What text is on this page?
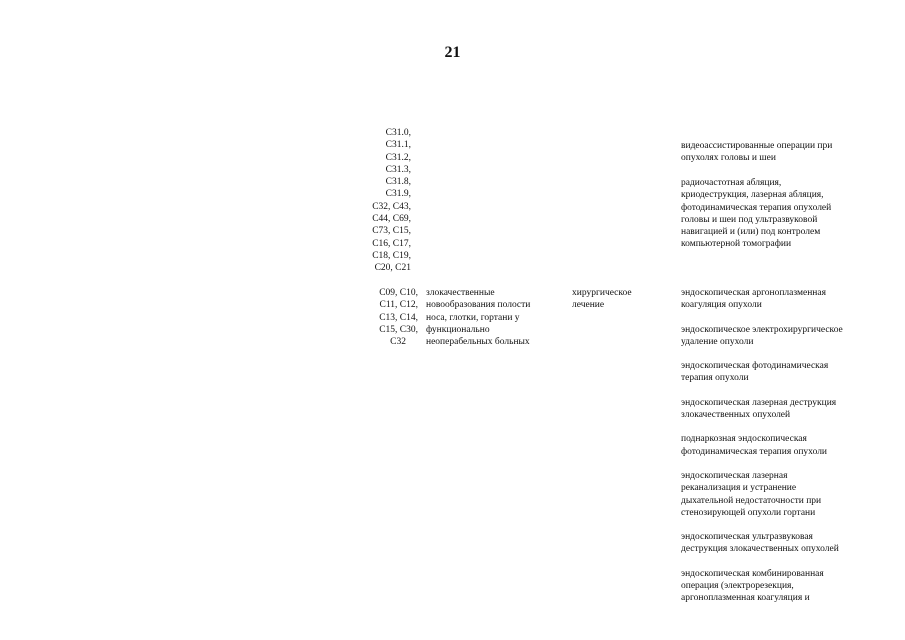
21
С31.0,
С31.1,
С31.2,
С31.3,
С31.8,
С31.9,
С32, С43,
С44, С69,
С73, С15,
С16, С17,
С18, С19,
С20, С21
видеоассистированные операции при
опухолях головы и шеи
радиочастотная абляция,
криодеструкция, лазерная абляция,
фотодинамическая терапия опухолей
головы и шеи под ультразвуковой
навигацией и (или) под контролем
компьютерной томографии
С09, С10,
С11, С12,
С13, С14,
С15, С30,
С32
злокачественные
новообразования полости
носа, глотки, гортани у
функционально
неоперабельных больных
хирургическое
лечение
эндоскопическая аргоноплазменная
коагуляция опухоли
эндоскопическое электрохирургическое
удаление опухоли
эндоскопическая фотодинамическая
терапия опухоли
эндоскопическая лазерная деструкция
злокачественных опухолей
поднаркозная эндоскопическая
фотодинамическая терапия опухоли
эндоскопическая лазерная
реканализация и устранение
дыхательной недостаточности при
стенозирующей опухоли гортани
эндоскопическая ультразвуковая
деструкция злокачественных опухолей
эндоскопическая комбинированная
операция (электрорезекция,
аргоноплазменная коагуляция и
